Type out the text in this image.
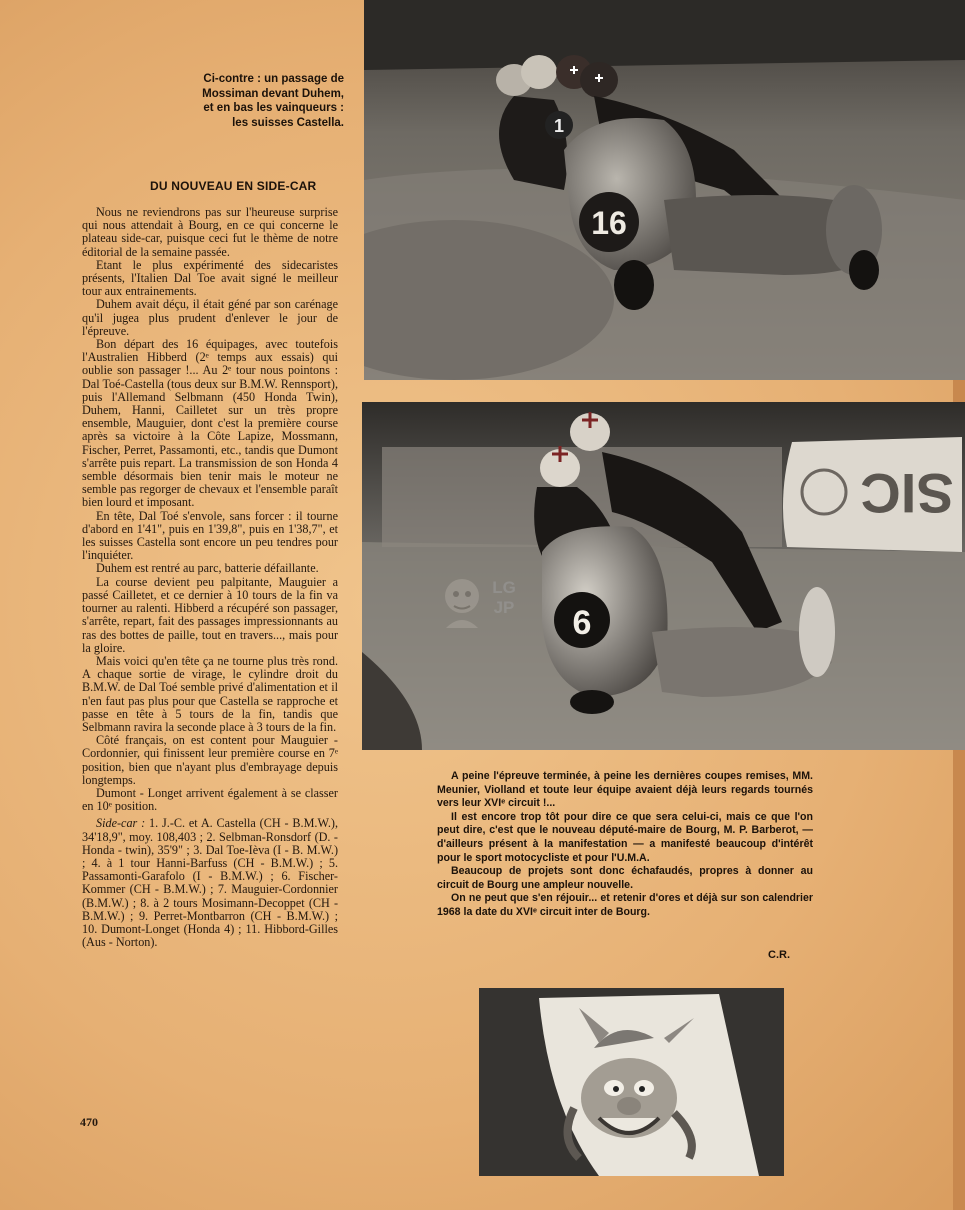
16
1

Ci-contre : un passage de

Mossiman devant Duhem,

et en bas les vainqueurs :

les suisses Castella.

DU NOUVEAU EN SIDE-CAR

Nous ne reviendrons pas sur l'heureuse surprise qui nous attendait à Bourg, en ce qui concerne le plateau side-car, puisque ceci fut le thème de notre éditorial de la semaine passée.

Etant le plus expérimenté des sidecaristes présents, l'Italien Dal Toe avait signé le meilleur tour aux entrainements.

Duhem avait déçu, il était géné par son carénage qu'il jugea plus prudent d'enlever le jour de l'épreuve.

Bon départ des 16 équipages, avec toutefois l'Australien Hibberd (2ᵉ temps aux essais) qui oublie son passager !... Au 2ᵉ tour nous pointons : Dal Toé-Castella (tous deux sur B.M.W. Rennsport), puis l'Allemand Selbmann (450 Honda Twin), Duhem, Hanni, Cailletet sur un très propre ensemble, Mauguier, dont c'est la première course après sa victoire à la Côte Lapize, Mossmann, Fischer, Perret, Passamonti, etc., tandis que Dumont s'arrête puis repart. La transmission de son Honda 4 semble désormais bien tenir mais le moteur ne semble pas regorger de chevaux et l'ensemble paraît bien lourd et imposant.

En tête, Dal Toé s'envole, sans forcer : il tourne d'abord en 1'41", puis en 1'39,8", puis en 1'38,7", et les suisses Castella sont encore un peu tendres pour l'inquiéter.

Duhem est rentré au parc, batterie défaillante.

La course devient peu palpitante, Mauguier a passé Cailletet, et ce dernier à 10 tours de la fin va tourner au ralenti. Hibberd a récupéré son passager, s'arrête, repart, fait des passages impressionnants au ras des bottes de paille, tout en travers..., mais pour la gloire.

Mais voici qu'en tête ça ne tourne plus très rond. A chaque sortie de virage, le cylindre droit du B.M.W. de Dal Toé semble privé d'alimentation et il n'en faut pas plus pour que Castella se rapproche et passe en tête à 5 tours de la fin, tandis que Selbmann ravira la seconde place à 3 tours de la fin.

Côté français, on est content pour Mauguier - Cordonnier, qui finissent leur première course en 7ᵉ position, bien que n'ayant plus d'embrayage depuis longtemps.

Dumont - Longet arrivent également à se classer en 10ᵉ position.

Side-car : 1. J.-C. et A. Castella (CH - B.M.W.), 34'18,9", moy. 108,403 ; 2. Selbman-Ronsdorf (D. - Honda - twin), 35'9" ; 3. Dal Toe-Ièva (I - B. M.W.) ; 4. à 1 tour Hanni-Barfuss (CH - B.M.W.) ; 5. Passamonti-Garafolo (I - B.M.W.) ; 6. Fischer-Kommer (CH - B.M.W.) ; 7. Mauguier-Cordonnier (B.M.W.) ; 8. à 2 tours Mosimann-Decoppet (CH - B.M.W.) ; 9. Perret-Montbarron (CH - B.M.W.) ; 10. Dumont-Longet (Honda 4) ; 11. Hibbord-Gilles (Aus - Norton).

470
SIC
6
LG
JP

A peine l'épreuve terminée, à peine les dernières coupes remises, MM. Meunier, Violland et toute leur équipe avaient déjà leurs regards tournés vers leur XVIᵉ circuit !...

Il est encore trop tôt pour dire ce que sera celui-ci, mais ce que l'on peut dire, c'est que le nouveau député-maire de Bourg, M. P. Barberot, — d'ailleurs présent à la manifestation — a manifesté beaucoup d'intérêt pour le sport motocycliste et pour l'U.M.A.

Beaucoup de projets sont donc échafaudés, propres à donner au circuit de Bourg une ampleur nouvelle.

On ne peut que s'en réjouir... et retenir d'ores et déjà sur son calendrier 1968 la date du XVIᵉ circuit inter de Bourg.

C.R.
